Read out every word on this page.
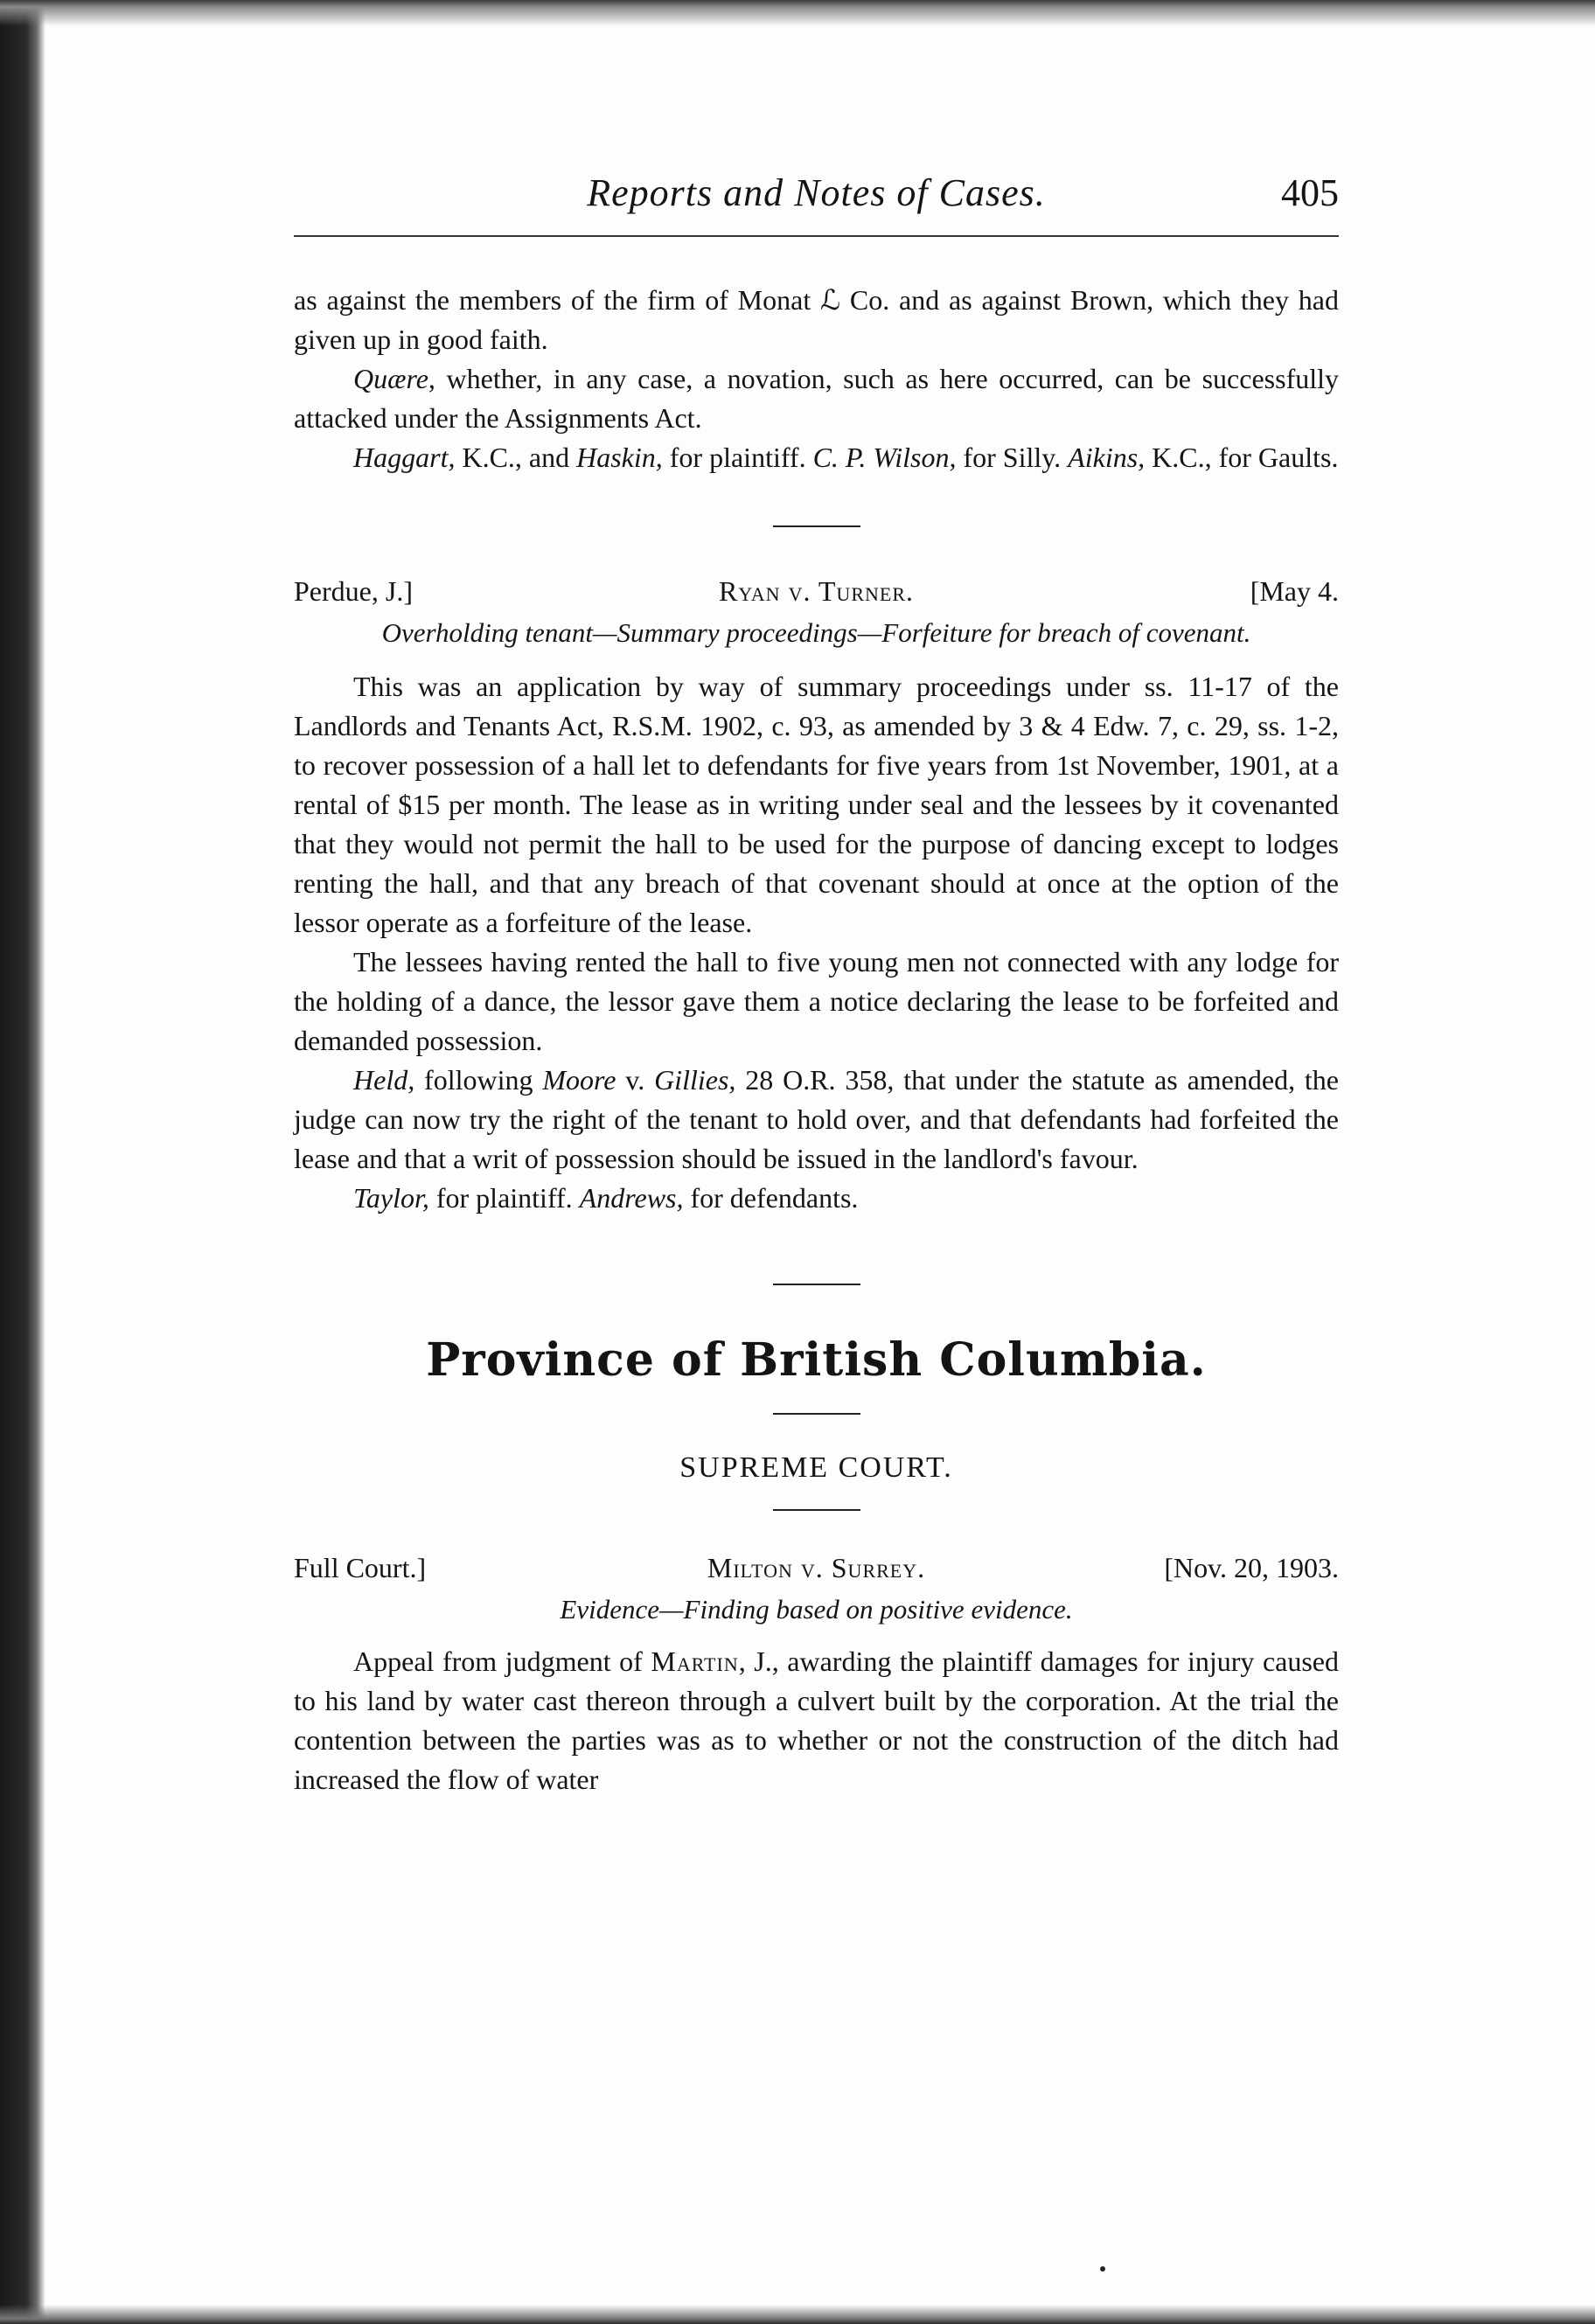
Reports and Notes of Cases.	405

as against the members of the firm of Monat ℒ Co. and as against Brown, which they had given up in good faith.

Quære, whether, in any case, a novation, such as here occurred, can be successfully attacked under the Assignments Act.

Haggart, K.C., and Haskin, for plaintiff. C. P. Wilson, for Silly. Aikins, K.C., for Gaults.

Perdue, J.]	Ryan v. Turner.	[May 4.

Overholding tenant—Summary proceedings—Forfeiture for breach of covenant.

This was an application by way of summary proceedings under ss. 11-17 of the Landlords and Tenants Act, R.S.M. 1902, c. 93, as amended by 3 & 4 Edw. 7, c. 29, ss. 1-2, to recover possession of a hall let to defendants for five years from 1st November, 1901, at a rental of $15 per month. The lease as in writing under seal and the lessees by it covenanted that they would not permit the hall to be used for the purpose of dancing except to lodges renting the hall, and that any breach of that covenant should at once at the option of the lessor operate as a forfeiture of the lease.

The lessees having rented the hall to five young men not connected with any lodge for the holding of a dance, the lessor gave them a notice declaring the lease to be forfeited and demanded possession.

Held, following Moore v. Gillies, 28 O.R. 358, that under the statute as amended, the judge can now try the right of the tenant to hold over, and that defendants had forfeited the lease and that a writ of possession should be issued in the landlord's favour.

Taylor, for plaintiff. Andrews, for defendants.

Province of British Columbia.
SUPREME COURT.
Full Court.]	Milton v. Surrey.	[Nov. 20, 1903.

Evidence—Finding based on positive evidence.

Appeal from judgment of Martin, J., awarding the plaintiff damages for injury caused to his land by water cast thereon through a culvert built by the corporation. At the trial the contention between the parties was as to whether or not the construction of the ditch had increased the flow of water
